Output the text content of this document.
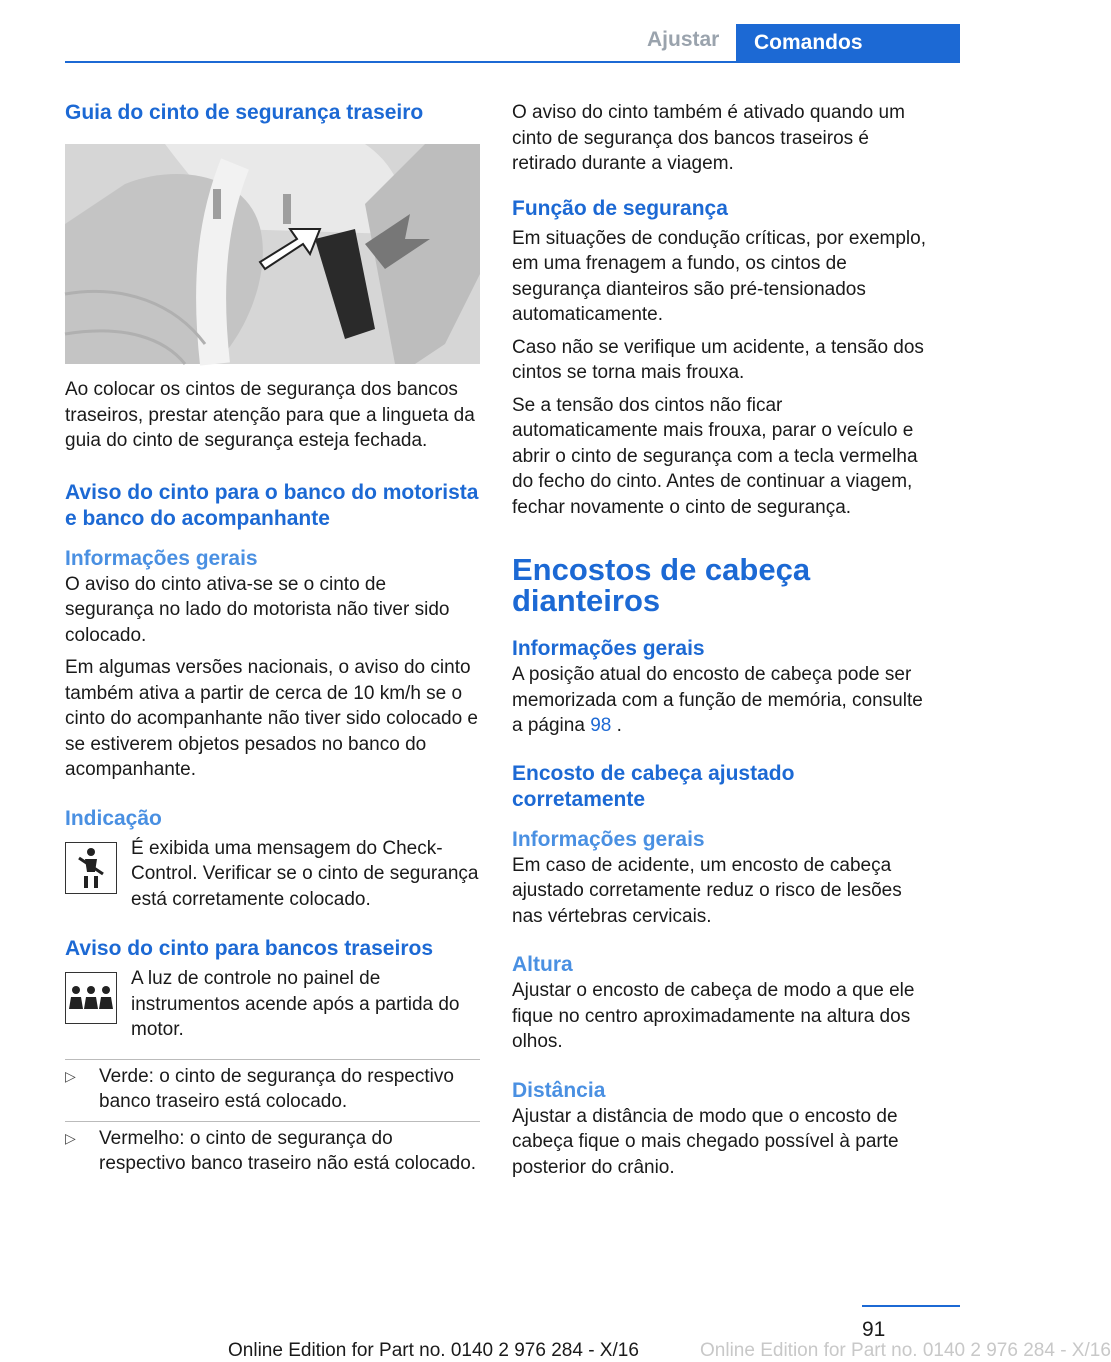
Ajustar	Comandos
Guia do cinto de segurança traseiro

Ao colocar os cintos de segurança dos bancos traseiros, prestar atenção para que a lingueta da guia do cinto de segurança esteja fechada.

Aviso do cinto para o banco do motorista e banco do acompanhante
Informações gerais

O aviso do cinto ativa-se se o cinto de segurança no lado do motorista não tiver sido colocado.

Em algumas versões nacionais, o aviso do cinto também ativa a partir de cerca de 10 km/h se o cinto do acompanhante não tiver sido colocado e se estiverem objetos pesados no banco do acompanhante.

Indicação

É exibida uma mensagem do Check-Control. Verificar se o cinto de segurança está corretamente colocado.

Aviso do cinto para bancos traseiros

A luz de controle no painel de instrumentos acende após a partida do motor.

▷ Verde: o cinto de segurança do respectivo banco traseiro está colocado.
▷ Vermelho: o cinto de segurança do respectivo banco traseiro não está colocado.

O aviso do cinto também é ativado quando um cinto de segurança dos bancos traseiros é retirado durante a viagem.

Função de segurança

Em situações de condução críticas, por exemplo, em uma frenagem a fundo, os cintos de segurança dianteiros são pré-tensionados automaticamente.

Caso não se verifique um acidente, a tensão dos cintos se torna mais frouxa.

Se a tensão dos cintos não ficar automaticamente mais frouxa, parar o veículo e abrir o cinto de segurança com a tecla vermelha do fecho do cinto. Antes de continuar a viagem, fechar novamente o cinto de segurança.

Encostos de cabeça dianteiros
Informações gerais

A posição atual do encosto de cabeça pode ser memorizada com a função de memória, consulte a página 98 .

Encosto de cabeça ajustado corretamente
Informações gerais

Em caso de acidente, um encosto de cabeça ajustado corretamente reduz o risco de lesões nas vértebras cervicais.

Altura

Ajustar o encosto de cabeça de modo a que ele fique no centro aproximadamente na altura dos olhos.

Distância

Ajustar a distância de modo que o encosto de cabeça fique o mais chegado possível à parte posterior do crânio.

91
Online Edition for Part no. 0140 2 976 284 - X/16	Online Edition for Part no. 0140 2 976 284 - X/16
